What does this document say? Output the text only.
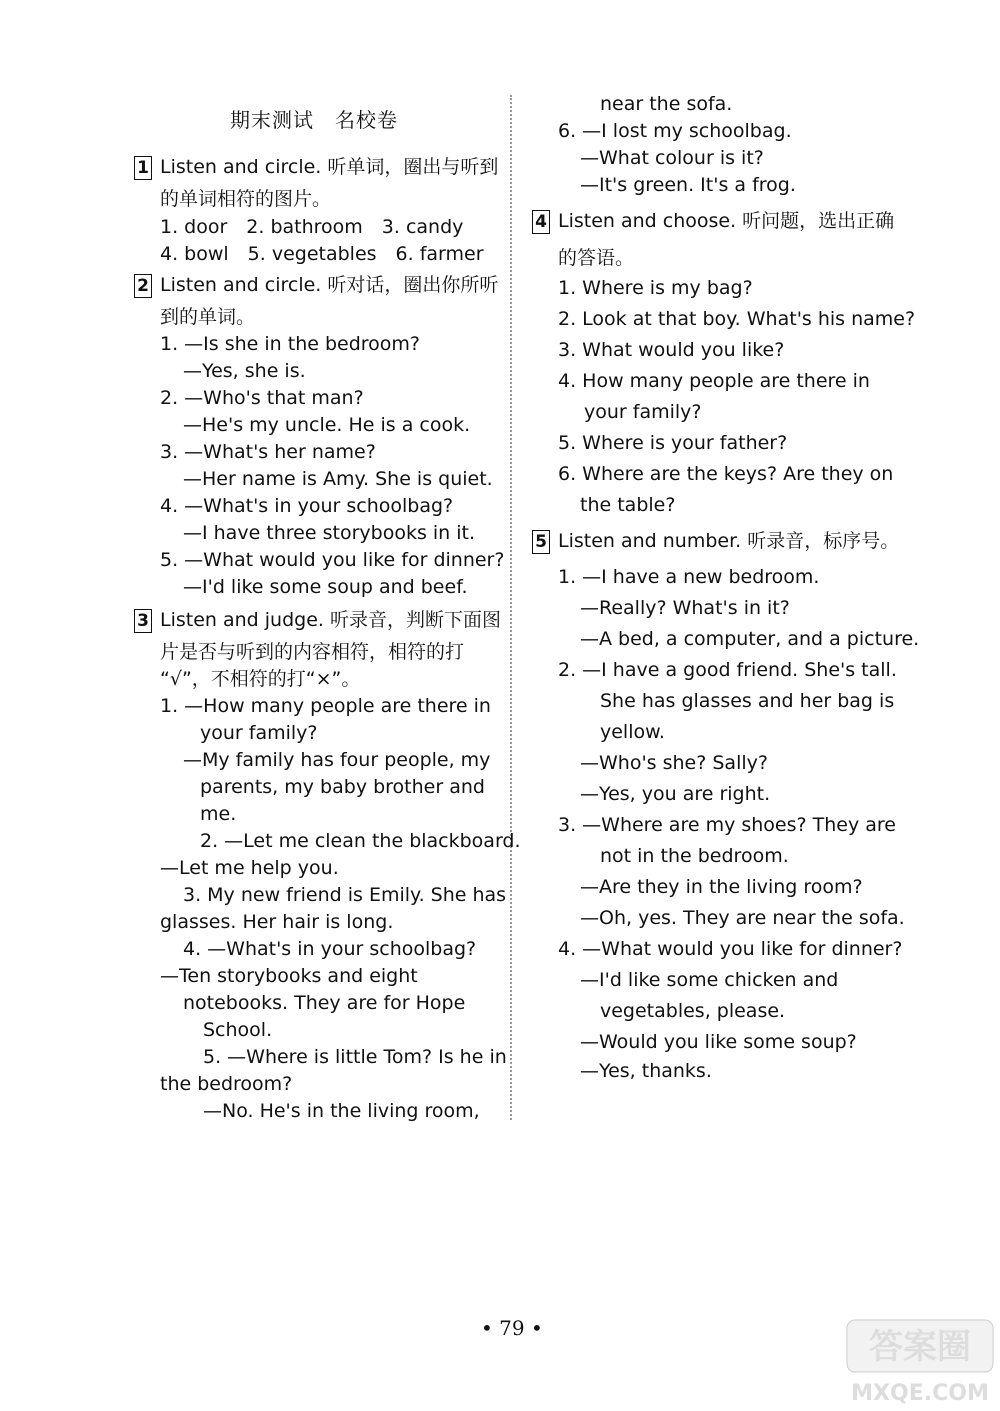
期末测试　名校卷
1 Listen and circle. 听单词，圈出与听到
的单词相符的图片。
1. door　2. bathroom　3. candy
4. bowl　5. vegetables　6. farmer
2 Listen and circle. 听对话，圈出你所听
到的单词。
1. —Is she in the bedroom?
—Yes, she is.
2. —Who's that man?
—He's my uncle. He is a cook.
3. —What's her name?
—Her name is Amy. She is quiet.
4. —What's in your schoolbag?
—I have three storybooks in it.
5. —What would you like for dinner?
—I'd like some soup and beef.
3 Listen and judge. 听录音，判断下面图
片是否与听到的内容相符，相符的打
“√”，不相符的打“×”。
1. —How many people are there in
your family?
—My family has four people, my
parents, my baby brother and
me.
2. —Let me clean the blackboard.
—Let me help you.
3. My new friend is Emily. She has
glasses. Her hair is long.
4. —What's in your schoolbag?
—Ten storybooks and eight
notebooks. They are for Hope
School.
5. —Where is little Tom? Is he in
the bedroom?
—No. He's in the living room,
near the sofa.
6. —I lost my schoolbag.
—What colour is it?
—It's green. It's a frog.
4 Listen and choose. 听问题，选出正确
的答语。
1. Where is my bag?
2. Look at that boy. What's his name?
3. What would you like?
4. How many people are there in
your family?
5. Where is your father?
6. Where are the keys? Are they on
the table?
5 Listen and number. 听录音，标序号。
1. —I have a new bedroom.
—Really? What's in it?
—A bed, a computer, and a picture.
2. —I have a good friend. She's tall.
She has glasses and her bag is
yellow.
—Who's she? Sally?
—Yes, you are right.
3. —Where are my shoes? They are
not in the bedroom.
—Are they in the living room?
—Oh, yes. They are near the sofa.
4. —What would you like for dinner?
—I'd like some chicken and
vegetables, please.
—Would you like some soup?
—Yes, thanks.
• 79 •	答案圈
MXQE.COM
